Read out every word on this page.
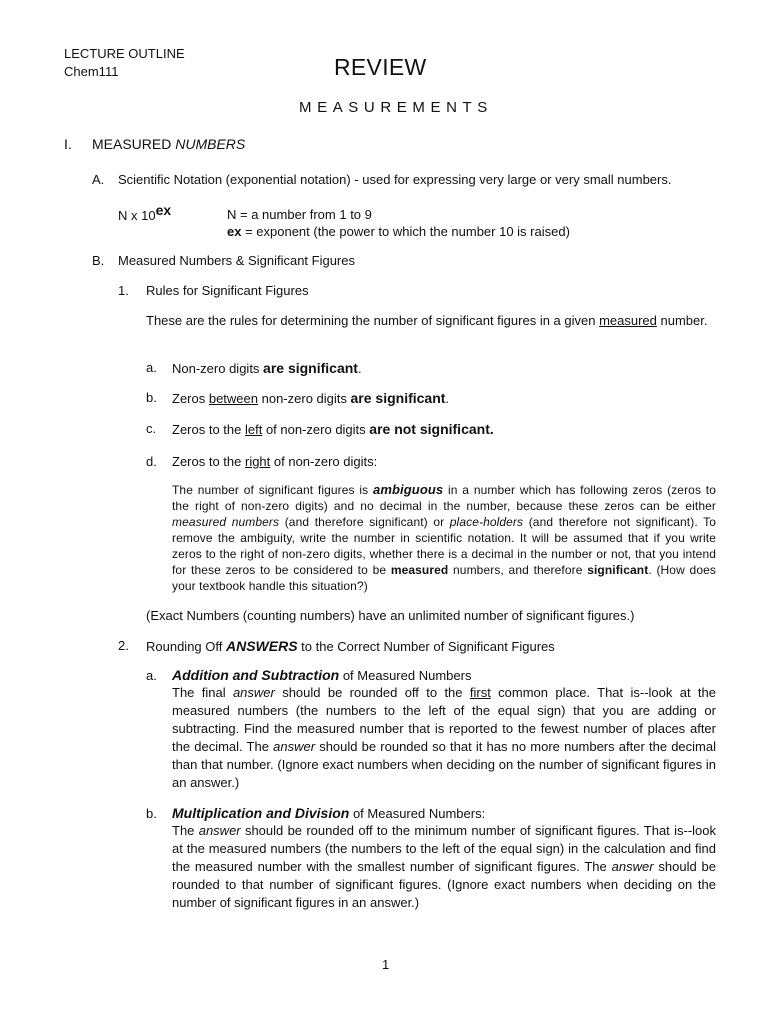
LECTURE OUTLINE
Chem111	REVIEW
MEASUREMENTS
I. MEASURED NUMBERS
A. Scientific Notation (exponential notation) - used for expressing very large or very small numbers.
N x 10ex	N = a number from 1 to 9
ex = exponent (the power to which the number 10 is raised)
B. Measured Numbers & Significant Figures
1. Rules for Significant Figures
These are the rules for determining the number of significant figures in a given measured number.
a. Non-zero digits are significant.
b. Zeros between non-zero digits are significant.
c. Zeros to the left of non-zero digits are not significant.
d. Zeros to the right of non-zero digits:
The number of significant figures is ambiguous in a number which has following zeros (zeros to the right of non-zero digits) and no decimal in the number, because these zeros can be either measured numbers (and therefore significant) or place-holders (and therefore not significant). To remove the ambiguity, write the number in scientific notation. It will be assumed that if you write zeros to the right of non-zero digits, whether there is a decimal in the number or not, that you intend for these zeros to be considered to be measured numbers, and therefore significant. (How does your textbook handle this situation?)
(Exact Numbers (counting numbers) have an unlimited number of significant figures.)
2. Rounding Off ANSWERS to the Correct Number of Significant Figures
a. Addition and Subtraction of Measured Numbers
The final answer should be rounded off to the first common place. That is--look at the measured numbers (the numbers to the left of the equal sign) that you are adding or subtracting. Find the measured number that is reported to the fewest number of places after the decimal. The answer should be rounded so that it has no more numbers after the decimal than that number. (Ignore exact numbers when deciding on the number of significant figures in an answer.)
b. Multiplication and Division of Measured Numbers:
The answer should be rounded off to the minimum number of significant figures. That is--look at the measured numbers (the numbers to the left of the equal sign) in the calculation and find the measured number with the smallest number of significant figures. The answer should be rounded to that number of significant figures. (Ignore exact numbers when deciding on the number of significant figures in an answer.)
1
